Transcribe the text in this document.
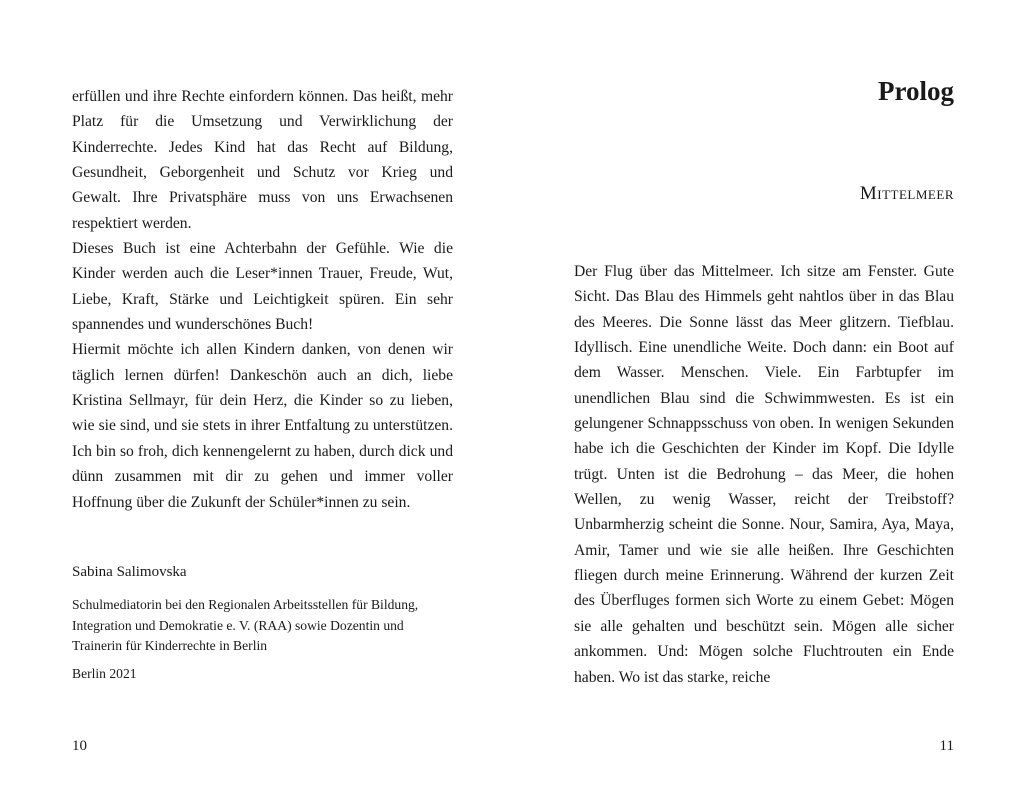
erfüllen und ihre Rechte einfordern können. Das heißt, mehr Platz für die Umsetzung und Verwirklichung der Kinderrechte. Jedes Kind hat das Recht auf Bildung, Gesundheit, Geborgenheit und Schutz vor Krieg und Gewalt. Ihre Privatsphäre muss von uns Erwachsenen respektiert werden.

Dieses Buch ist eine Achterbahn der Gefühle. Wie die Kinder werden auch die Leser*innen Trauer, Freude, Wut, Liebe, Kraft, Stärke und Leichtigkeit spüren. Ein sehr spannendes und wunderschönes Buch!

Hiermit möchte ich allen Kindern danken, von denen wir täglich lernen dürfen! Dankeschön auch an dich, liebe Kristina Sellmayr, für dein Herz, die Kinder so zu lieben, wie sie sind, und sie stets in ihrer Entfaltung zu unterstützen. Ich bin so froh, dich kennengelernt zu haben, durch dick und dünn zusammen mit dir zu gehen und immer voller Hoffnung über die Zukunft der Schüler*innen zu sein.

Sabina Salimovska
Schulmediatorin bei den Regionalen Arbeitsstellen für Bildung, Integration und Demokratie e. V. (RAA) sowie Dozentin und Trainerin für Kinderrechte in Berlin
Berlin 2021
10
Prolog
Mittelmeer

Der Flug über das Mittelmeer. Ich sitze am Fenster. Gute Sicht. Das Blau des Himmels geht nahtlos über in das Blau des Meeres. Die Sonne lässt das Meer glitzern. Tiefblau. Idyllisch. Eine unendliche Weite. Doch dann: ein Boot auf dem Wasser. Menschen. Viele. Ein Farbtupfer im unendlichen Blau sind die Schwimmwesten. Es ist ein gelungener Schnappsschuss von oben. In wenigen Sekunden habe ich die Geschichten der Kinder im Kopf. Die Idylle trügt. Unten ist die Bedrohung – das Meer, die hohen Wellen, zu wenig Wasser, reicht der Treibstoff? Unbarmherzig scheint die Sonne. Nour, Samira, Aya, Maya, Amir, Tamer und wie sie alle heißen. Ihre Geschichten fliegen durch meine Erinnerung. Während der kurzen Zeit des Überfluges formen sich Worte zu einem Gebet: Mögen sie alle gehalten und beschützt sein. Mögen alle sicher ankommen. Und: Mögen solche Fluchtrouten ein Ende haben. Wo ist das starke, reiche

11
